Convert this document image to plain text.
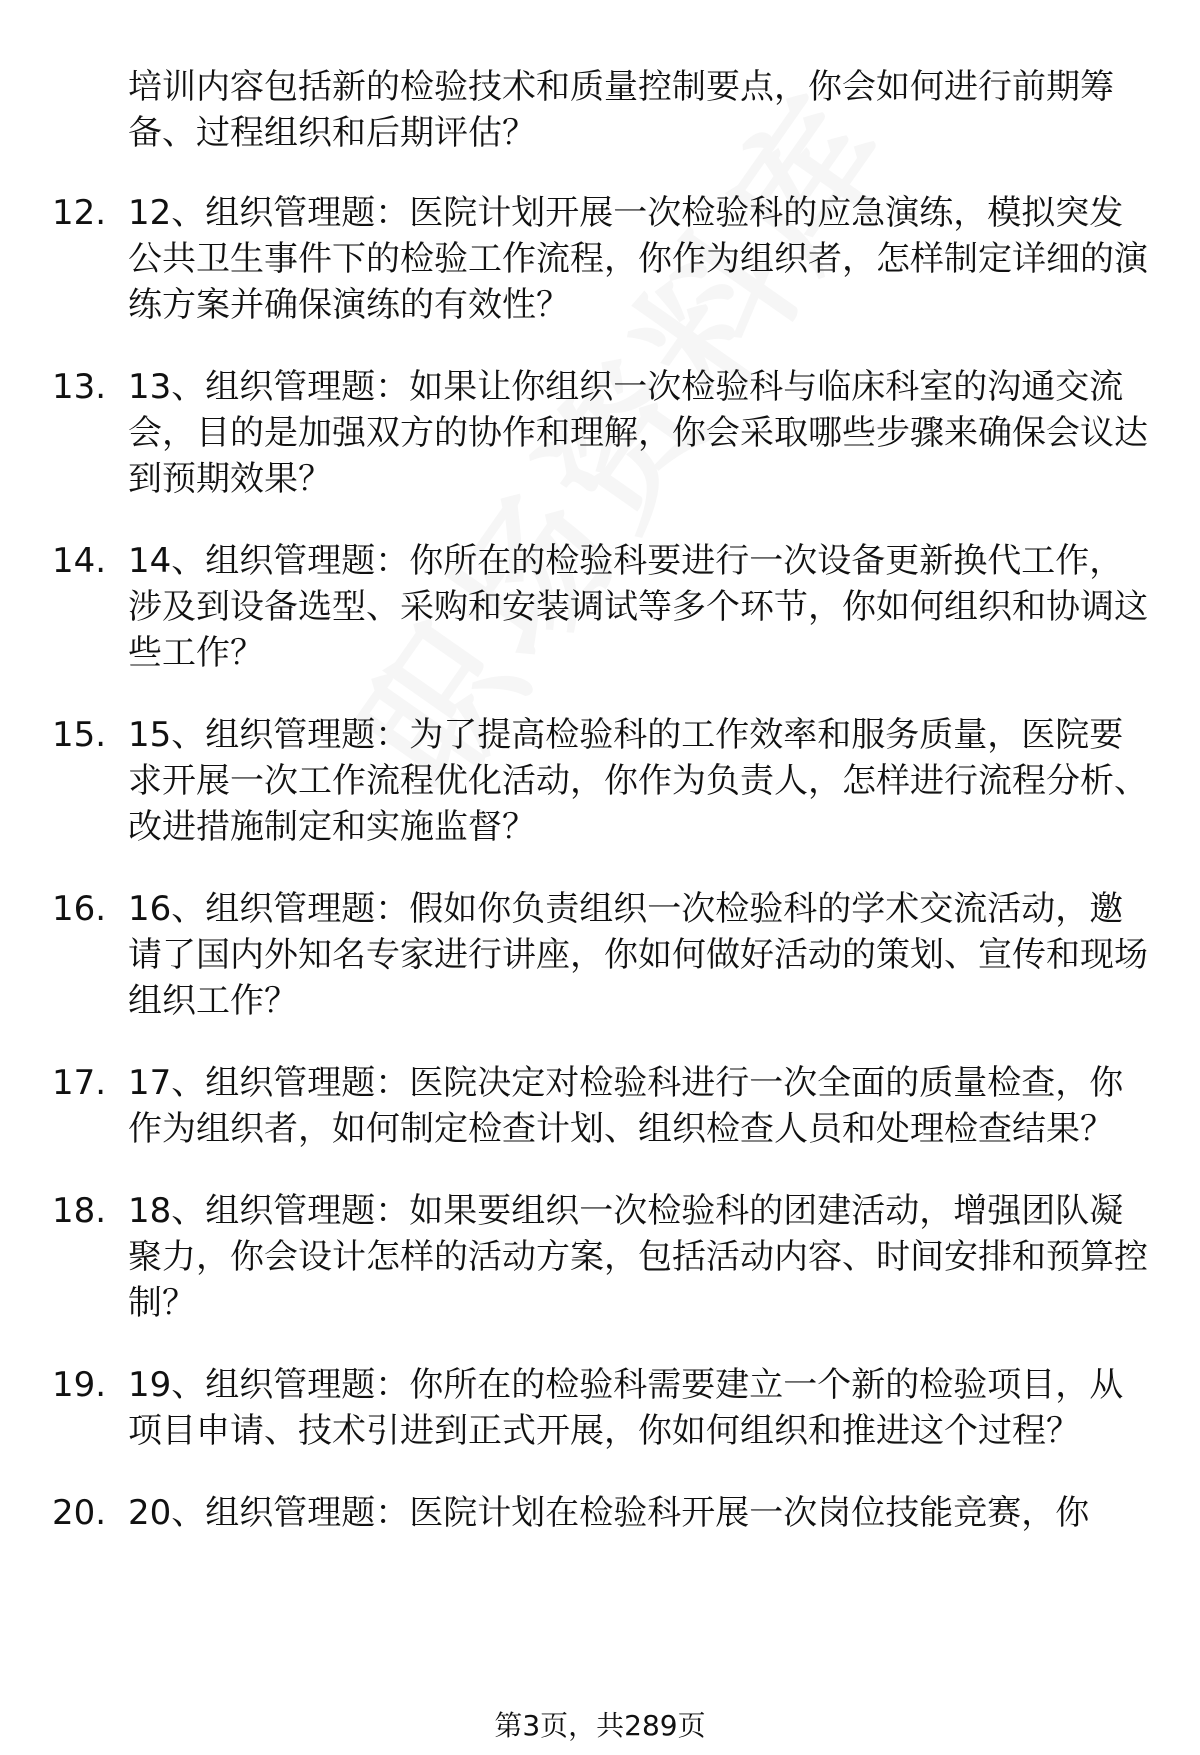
培训内容包括新的检验技术和质量控制要点，你会如何进行前期筹备、过程组织和后期评估？
12. 12、组织管理题：医院计划开展一次检验科的应急演练，模拟突发公共卫生事件下的检验工作流程，你作为组织者，怎样制定详细的演练方案并确保演练的有效性？
13. 13、组织管理题：如果让你组织一次检验科与临床科室的沟通交流会，目的是加强双方的协作和理解，你会采取哪些步骤来确保会议达到预期效果？
14. 14、组织管理题：你所在的检验科要进行一次设备更新换代工作，涉及到设备选型、采购和安装调试等多个环节，你如何组织和协调这些工作？
15. 15、组织管理题：为了提高检验科的工作效率和服务质量，医院要求开展一次工作流程优化活动，你作为负责人，怎样进行流程分析、改进措施制定和实施监督？
16. 16、组织管理题：假如你负责组织一次检验科的学术交流活动，邀请了国内外知名专家进行讲座，你如何做好活动的策划、宣传和现场组织工作？
17. 17、组织管理题：医院决定对检验科进行一次全面的质量检查，你作为组织者，如何制定检查计划、组织检查人员和处理检查结果？
18. 18、组织管理题：如果要组织一次检验科的团建活动，增强团队凝聚力，你会设计怎样的活动方案，包括活动内容、时间安排和预算控制？
19. 19、组织管理题：你所在的检验科需要建立一个新的检验项目，从项目申请、技术引进到正式开展，你如何组织和推进这个过程？
20. 20、组织管理题：医院计划在检验科开展一次岗位技能竞赛，你
第3页，共289页
